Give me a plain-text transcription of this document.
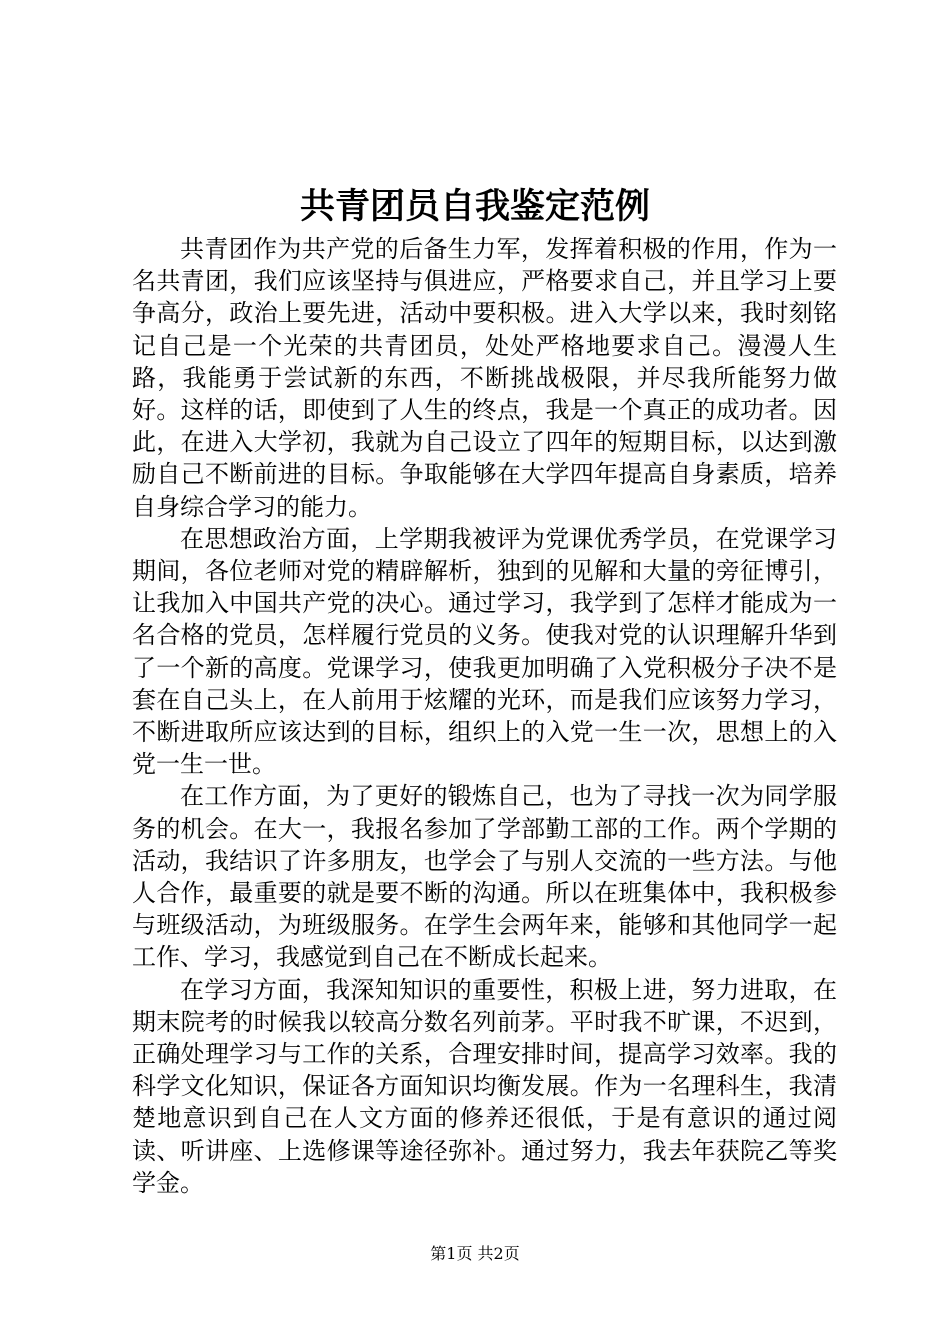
共青团员自我鉴定范例

共青团作为共产党的后备生力军，发挥着积极的作用，作为一名共青团，我们应该坚持与俱进应，严格要求自己，并且学习上要争高分，政治上要先进，活动中要积极。进入大学以来，我时刻铭记自己是一个光荣的共青团员，处处严格地要求自己。漫漫人生路，我能勇于尝试新的东西，不断挑战极限，并尽我所能努力做好。这样的话，即使到了人生的终点，我是一个真正的成功者。因此，在进入大学初，我就为自己设立了四年的短期目标，以达到激励自己不断前进的目标。争取能够在大学四年提高自身素质，培养自身综合学习的能力。

在思想政治方面，上学期我被评为党课优秀学员，在党课学习期间，各位老师对党的精辟解析，独到的见解和大量的旁征博引，让我加入中国共产党的决心。通过学习，我学到了怎样才能成为一名合格的党员，怎样履行党员的义务。使我对党的认识理解升华到了一个新的高度。党课学习，使我更加明确了入党积极分子决不是套在自己头上，在人前用于炫耀的光环，而是我们应该努力学习，不断进取所应该达到的目标，组织上的入党一生一次，思想上的入党一生一世。

在工作方面，为了更好的锻炼自己，也为了寻找一次为同学服务的机会。在大一，我报名参加了学部勤工部的工作。两个学期的活动，我结识了许多朋友，也学会了与别人交流的一些方法。与他人合作，最重要的就是要不断的沟通。所以在班集体中，我积极参与班级活动，为班级服务。在学生会两年来，能够和其他同学一起工作、学习，我感觉到自己在不断成长起来。

在学习方面，我深知知识的重要性，积极上进，努力进取，在期末院考的时候我以较高分数名列前茅。平时我不旷课，不迟到，正确处理学习与工作的关系，合理安排时间，提高学习效率。我的科学文化知识，保证各方面知识均衡发展。作为一名理科生，我清楚地意识到自己在人文方面的修养还很低，于是有意识的通过阅读、听讲座、上选修课等途径弥补。通过努力，我去年获院乙等奖学金。

第1页 共2页
